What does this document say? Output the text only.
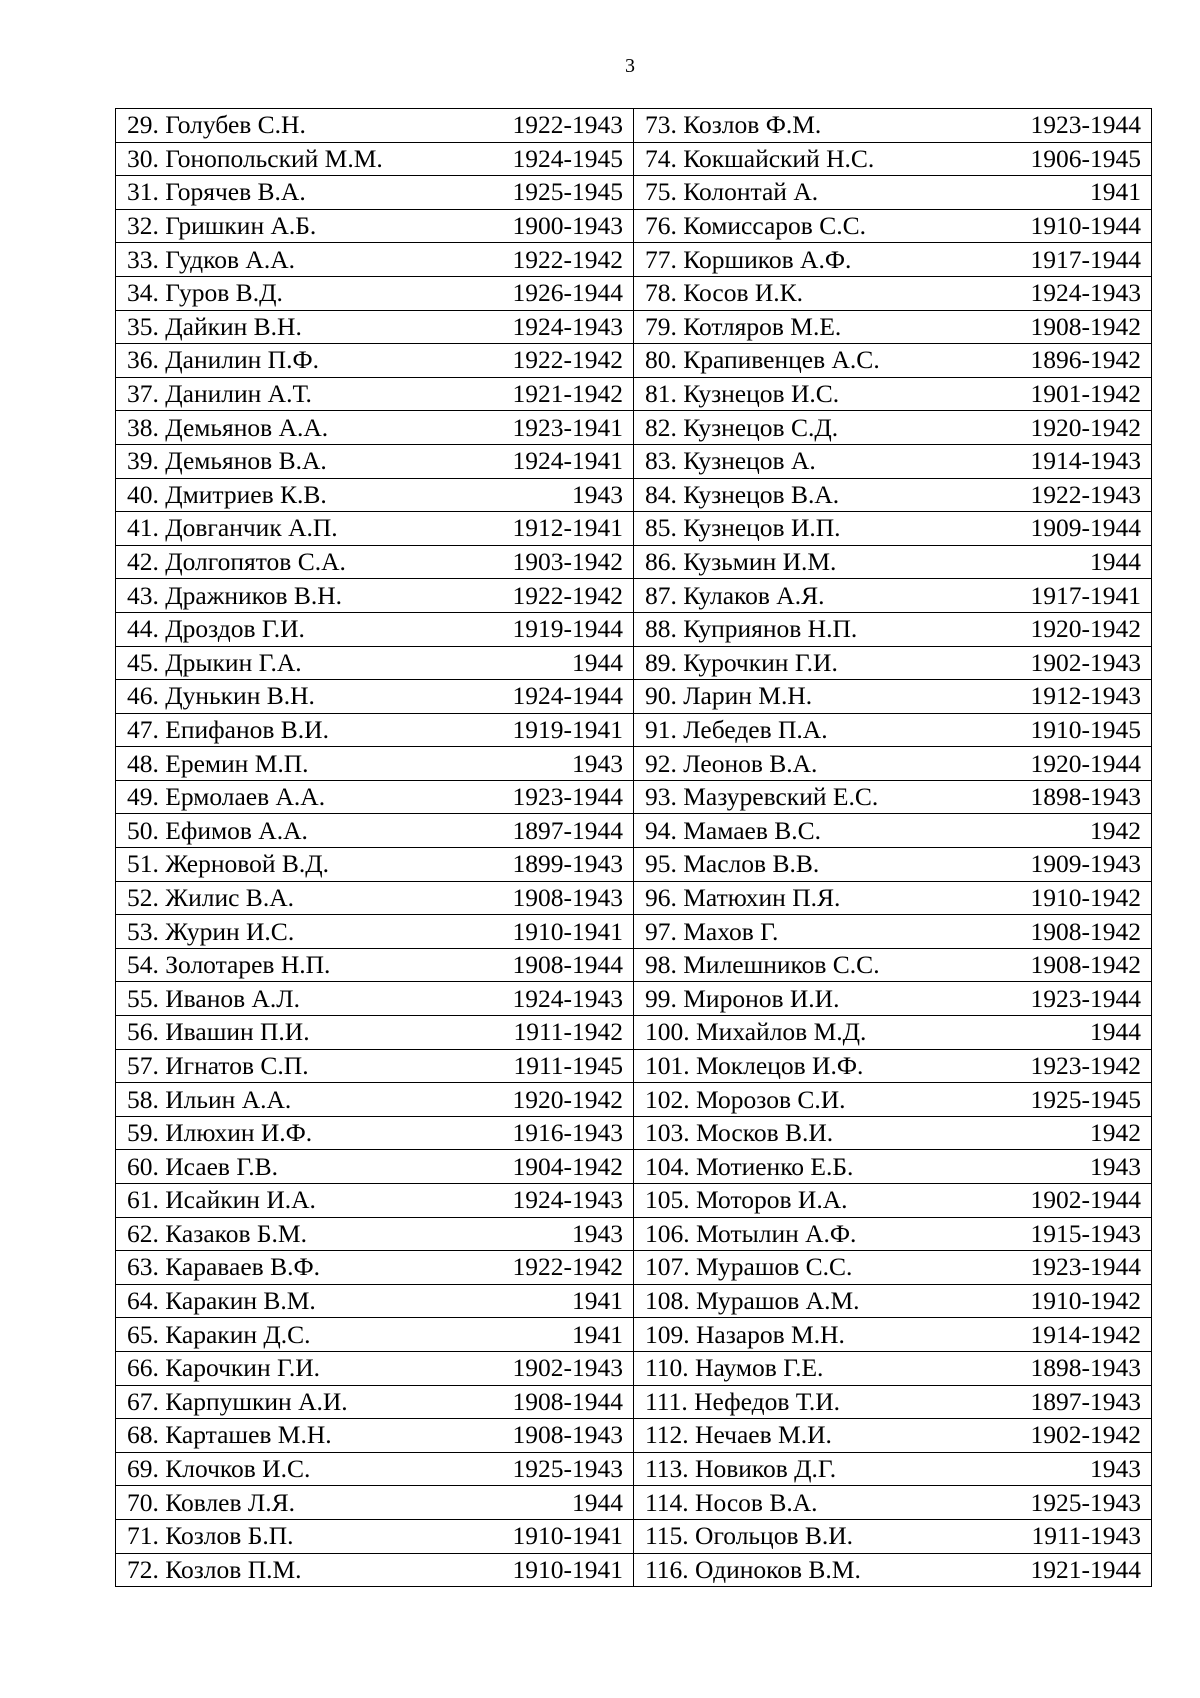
3
29. Голубев С.Н. 1922-1943	73. Козлов Ф.М. 1923-1944

30. Гонопольский М.М. 1924-1945	74. Кокшайский Н.С. 1906-1945

31. Горячев В.А. 1925-1945	75. Колонтай А. 1941

32. Гришкин А.Б. 1900-1943	76. Комиссаров С.С. 1910-1944

33. Гудков А.А. 1922-1942	77. Коршиков А.Ф. 1917-1944

34. Гуров В.Д. 1926-1944	78. Косов И.К. 1924-1943

35. Дайкин В.Н. 1924-1943	79. Котляров М.Е. 1908-1942

36. Данилин П.Ф. 1922-1942	80. Крапивенцев А.С. 1896-1942

37. Данилин А.Т. 1921-1942	81. Кузнецов И.С. 1901-1942

38. Демьянов А.А. 1923-1941	82. Кузнецов С.Д. 1920-1942

39. Демьянов В.А. 1924-1941	83. Кузнецов А. 1914-1943

40. Дмитриев К.В. 1943	84. Кузнецов В.А. 1922-1943

41. Довганчик А.П. 1912-1941	85. Кузнецов И.П. 1909-1944

42. Долгопятов С.А. 1903-1942	86. Кузьмин И.М. 1944

43. Дражников В.Н. 1922-1942	87. Кулаков А.Я. 1917-1941

44. Дроздов Г.И. 1919-1944	88. Куприянов Н.П. 1920-1942

45. Дрыкин Г.А. 1944	89. Курочкин Г.И. 1902-1943

46. Дунькин В.Н. 1924-1944	90. Ларин М.Н. 1912-1943

47. Епифанов В.И. 1919-1941	91. Лебедев П.А. 1910-1945

48. Еремин М.П. 1943	92. Леонов В.А. 1920-1944

49. Ермолаев А.А. 1923-1944	93. Мазуревский Е.С. 1898-1943

50. Ефимов А.А. 1897-1944	94. Мамаев В.С. 1942

51. Жерновой В.Д. 1899-1943	95. Маслов В.В. 1909-1943

52. Жилис В.А. 1908-1943	96. Матюхин П.Я. 1910-1942

53. Журин И.С. 1910-1941	97. Махов Г. 1908-1942

54. Золотарев Н.П. 1908-1944	98. Милешников С.С. 1908-1942

55. Иванов А.Л. 1924-1943	99. Миронов И.И. 1923-1944

56. Ивашин П.И. 1911-1942	100. Михайлов М.Д. 1944

57. Игнатов С.П. 1911-1945	101. Моклецов И.Ф. 1923-1942

58. Ильин А.А. 1920-1942	102. Морозов С.И. 1925-1945

59. Илюхин И.Ф. 1916-1943	103. Москов В.И. 1942

60. Исаев Г.В. 1904-1942	104. Мотиенко Е.Б. 1943

61. Исайкин И.А. 1924-1943	105. Моторов И.А. 1902-1944

62. Казаков Б.М. 1943	106. Мотылин А.Ф. 1915-1943

63. Караваев В.Ф. 1922-1942	107. Мурашов С.С. 1923-1944

64. Каракин В.М. 1941	108. Мурашов А.М. 1910-1942

65. Каракин Д.С. 1941	109. Назаров М.Н. 1914-1942

66. Карочкин Г.И. 1902-1943	110. Наумов Г.Е. 1898-1943

67. Карпушкин А.И. 1908-1944	111. Нефедов Т.И. 1897-1943

68. Карташев М.Н. 1908-1943	112. Нечаев М.И. 1902-1942

69. Клочков И.С. 1925-1943	113. Новиков Д.Г. 1943

70. Ковлев Л.Я. 1944	114. Носов В.А. 1925-1943

71. Козлов Б.П. 1910-1941	115. Огольцов В.И. 1911-1943

72. Козлов П.М. 1910-1941	116. Одиноков В.М. 1921-1944
